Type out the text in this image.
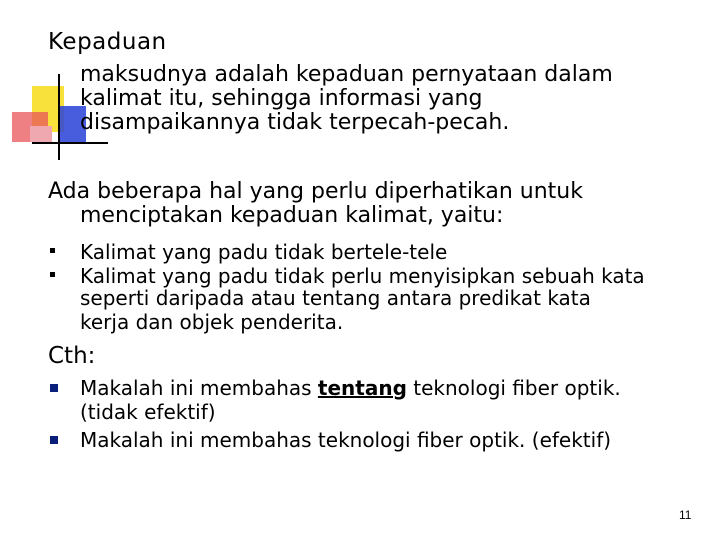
Kepaduan
maksudnya adalah kepaduan pernyataan dalam
kalimat itu, sehingga informasi yang
disampaikannya tidak terpecah-pecah.
Ada beberapa hal yang perlu diperhatikan untuk
menciptakan kepaduan kalimat, yaitu:
Kalimat yang padu tidak bertele-tele
Kalimat yang padu tidak perlu menyisipkan sebuah kata
seperti daripada atau tentang antara predikat kata
kerja dan objek penderita.
Cth:
Makalah ini membahas tentang teknologi fiber optik.
(tidak efektif)
Makalah ini membahas teknologi fiber optik. (efektif)
11
